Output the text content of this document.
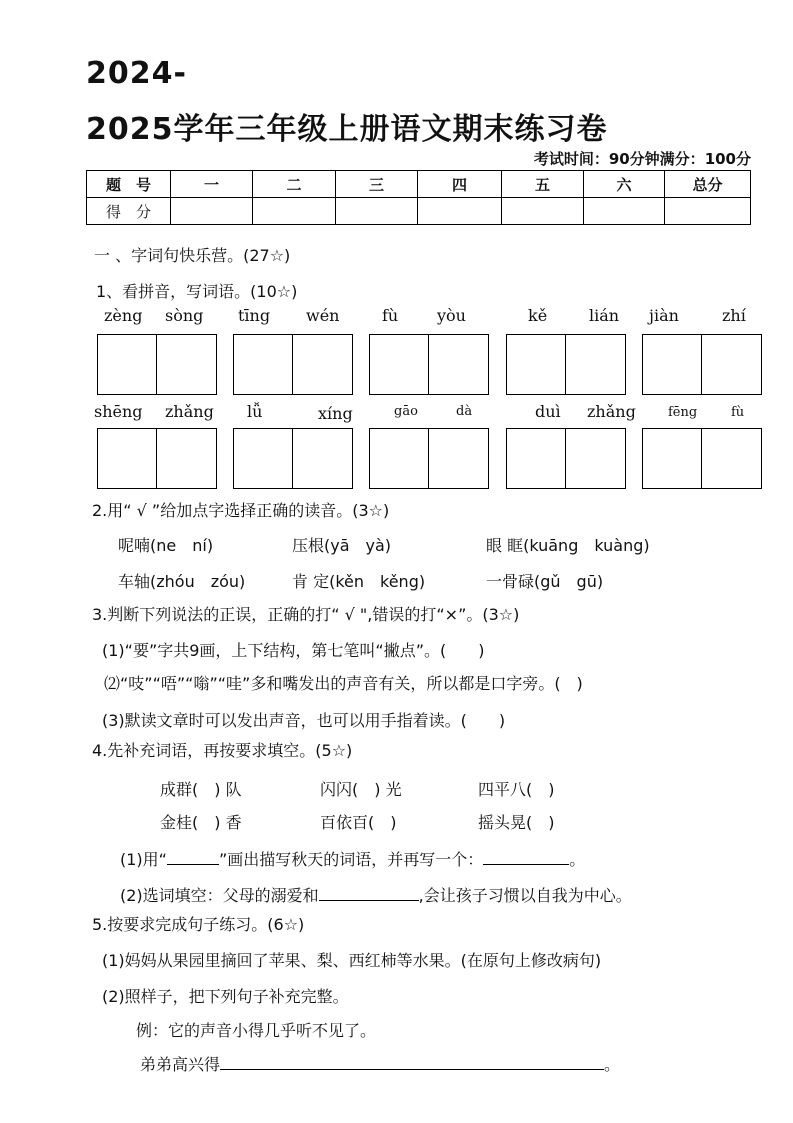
2024-
2025学年三年级上册语文期末练习卷
考试时间：90分钟满分：100分
题　号	一	二	三	四	五	六	总分
得　分							
一 、字词句快乐营。(27☆)
1、看拼音，写词语。(10☆)
zèng sòng tīng wén	fù yòu	kě	lián jiàn	zhí
shēng zhǎng lǚ	xíng	gāo	dà	duì zhǎng fēng	fù
2.用“ √ ”给加点字选择正确的读音。(3☆)
呢喃(ne　ní)	压根(yā　yà)	眼 眶(kuāng　kuàng)
车轴(zhóu　zóu)	肯 定(kěn　kěng)	一骨碌(gǔ　gū)
3.判断下列说法的正误，正确的打“ √ ",错误的打“×”。(3☆)
(1)“要”字共9画，上下结构，第七笔叫“撇点”。(　　)
⑵“吱”“唔”“嗡”“哇”多和嘴发出的声音有关，所以都是口字旁。(　)
(3)默读文章时可以发出声音，也可以用手指着读。(　　)
4.先补充词语，再按要求填空。(5☆)
成群(　) 队	闪闪(　) 光	四平八(　)
金桂(　) 香	百依百(　)	摇头晃(　)
(1)用“	”画出描写秋天的词语，并再写一个：	。
(2)选词填空：父母的溺爱和	,会让孩子习惯以自我为中心。
5.按要求完成句子练习。(6☆)
(1)妈妈从果园里摘回了苹果、梨、西红柿等水果。(在原句上修改病句)
(2)照样子，把下列句子补充完整。
例：它的声音小得几乎听不见了。
弟弟高兴得	。
